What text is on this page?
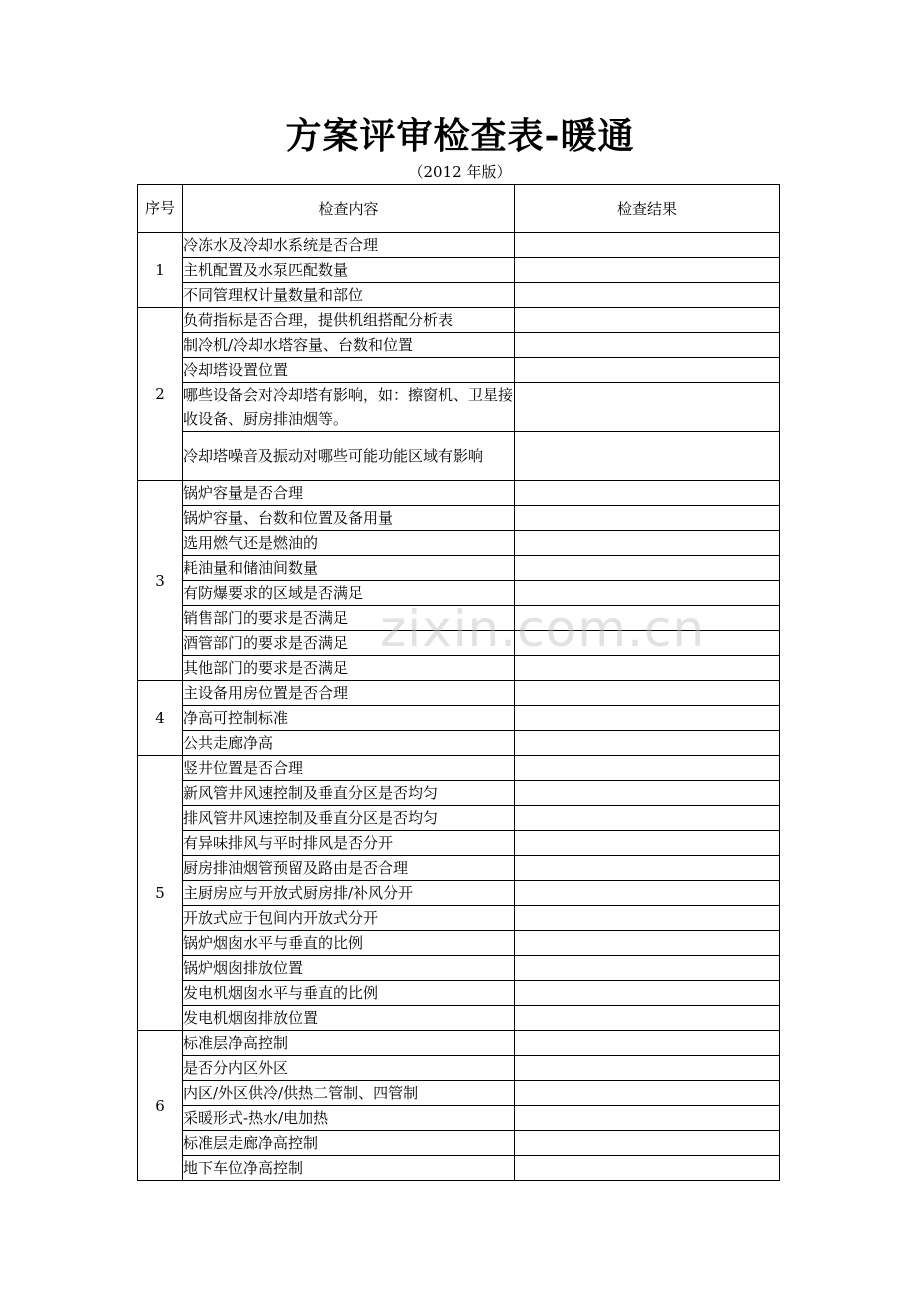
方案评审检查表-暖通
（2012 年版）
序号	检查内容	检查结果
1	冷冻水及冷却水系统是否合理	
	主机配置及水泵匹配数量	
	不同管理权计量数量和部位	
2	负荷指标是否合理，提供机组搭配分析表	
	制冷机/冷却水塔容量、台数和位置	
	冷却塔设置位置	
	哪些设备会对冷却塔有影响，如：擦窗机、卫星接收设备、厨房排油烟等。	
	冷却塔噪音及振动对哪些可能功能区域有影响	
3	锅炉容量是否合理	
	锅炉容量、台数和位置及备用量	
	选用燃气还是燃油的	
	耗油量和储油间数量	
	有防爆要求的区域是否满足	
	销售部门的要求是否满足	
	酒管部门的要求是否满足	
	其他部门的要求是否满足	
4	主设备用房位置是否合理	
	净高可控制标准	
	公共走廊净高	
5	竖井位置是否合理	
	新风管井风速控制及垂直分区是否均匀	
	排风管井风速控制及垂直分区是否均匀	
	有异味排风与平时排风是否分开	
	厨房排油烟管预留及路由是否合理	
	主厨房应与开放式厨房排/补风分开	
	开放式应于包间内开放式分开	
	锅炉烟囱水平与垂直的比例	
	锅炉烟囱排放位置	
	发电机烟囱水平与垂直的比例	
	发电机烟囱排放位置	
6	标准层净高控制	
	是否分内区外区	
	内区/外区供冷/供热二管制、四管制	
	采暖形式-热水/电加热	
	标准层走廊净高控制	
	地下车位净高控制	
zixin.com.cn
